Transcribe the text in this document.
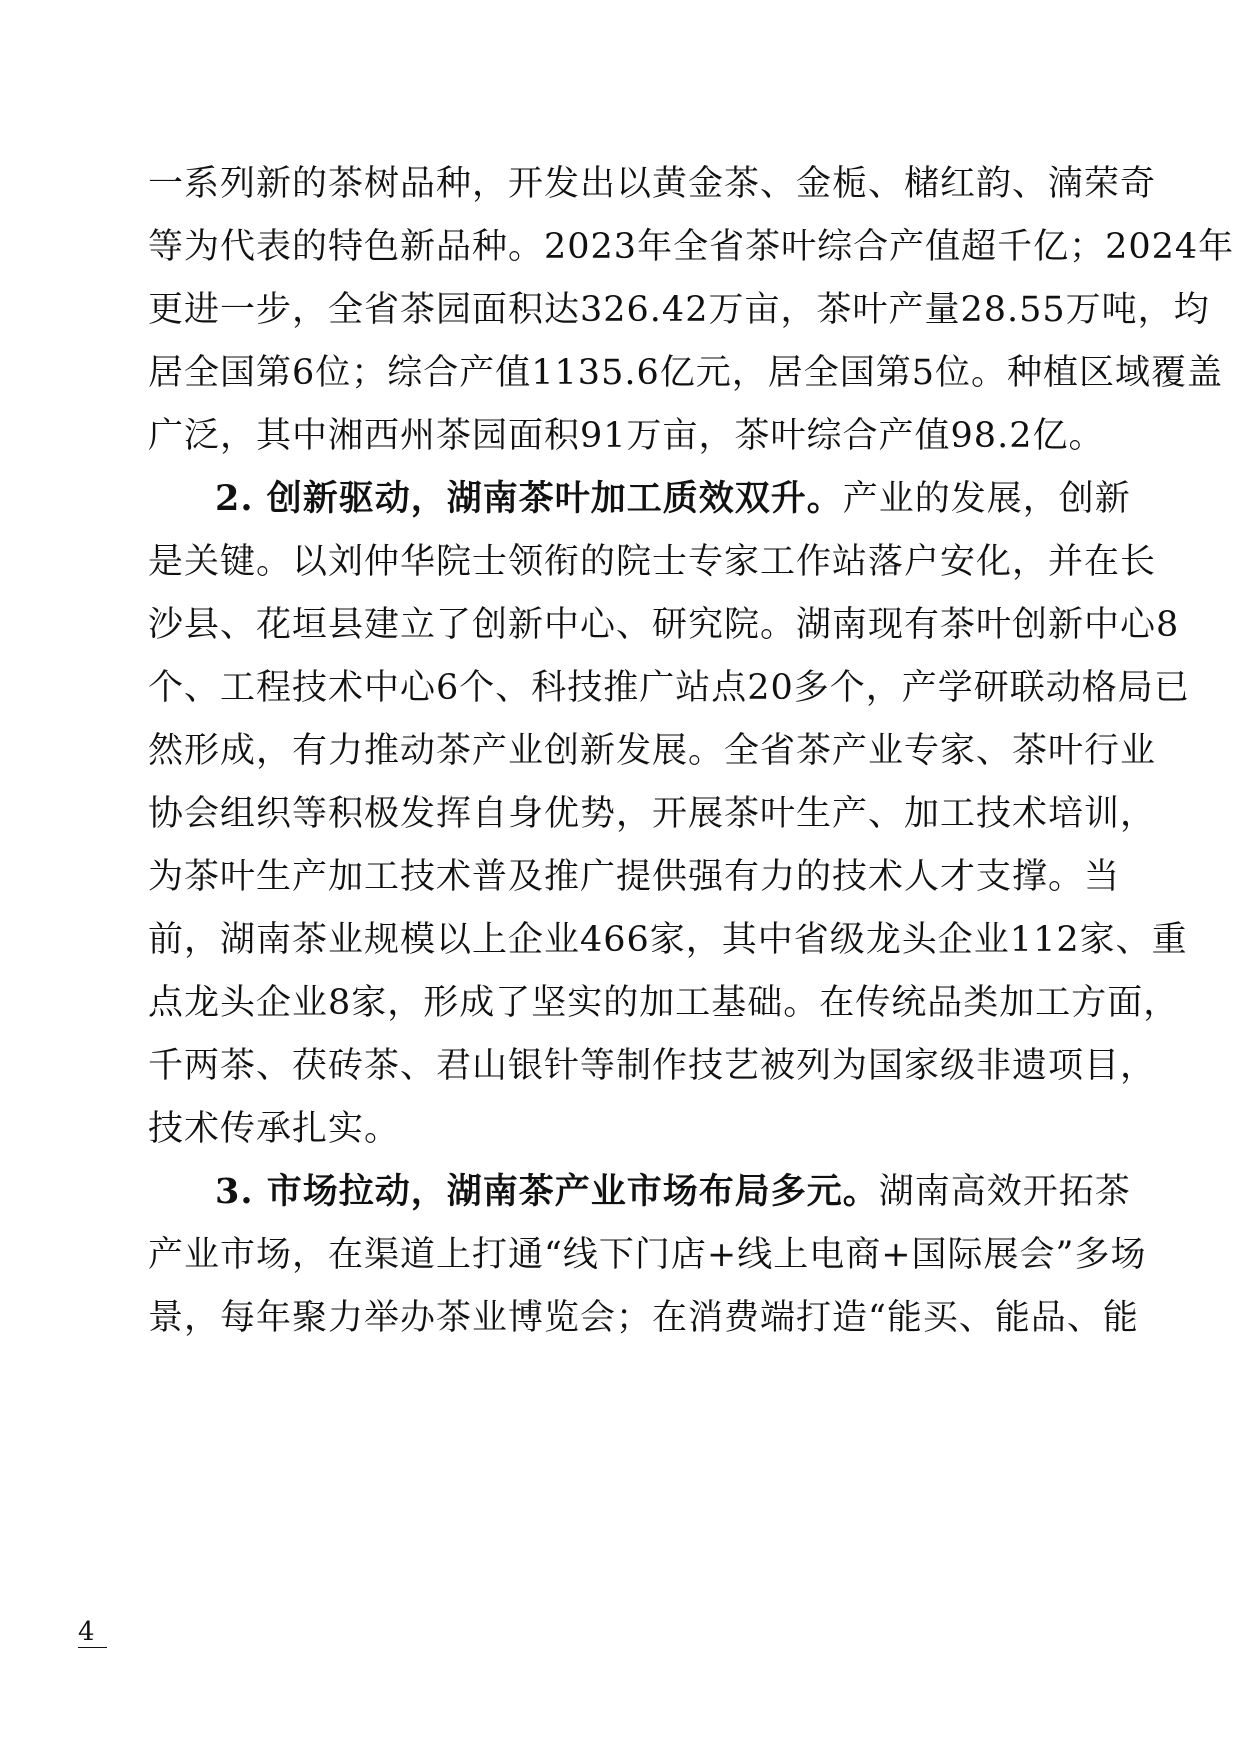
一系列新的茶树品种，开发出以黄金茶、金栀、槠红韵、湳荣奇
等为代表的特色新品种。2023年全省茶叶综合产值超千亿；2024年
更进一步，全省茶园面积达326.42万亩，茶叶产量28.55万吨，均
居全国第6位；综合产值1135.6亿元，居全国第5位。种植区域覆盖
广泛，其中湘西州茶园面积91万亩，茶叶综合产值98.2亿。
2. 创新驱动，湖南茶叶加工质效双升。产业的发展，创新
是关键。以刘仲华院士领衔的院士专家工作站落户安化，并在长
沙县、花垣县建立了创新中心、研究院。湖南现有茶叶创新中心8
个、工程技术中心6个、科技推广站点20多个，产学研联动格局已
然形成，有力推动茶产业创新发展。全省茶产业专家、茶叶行业
协会组织等积极发挥自身优势，开展茶叶生产、加工技术培训，
为茶叶生产加工技术普及推广提供强有力的技术人才支撑。当
前，湖南茶业规模以上企业466家，其中省级龙头企业112家、重
点龙头企业8家，形成了坚实的加工基础。在传统品类加工方面，
千两茶、茯砖茶、君山银针等制作技艺被列为国家级非遗项目，
技术传承扎实。
3. 市场拉动，湖南茶产业市场布局多元。湖南高效开拓茶
产业市场，在渠道上打通“线下门店+线上电商+国际展会”多场
景，每年聚力举办茶业博览会；在消费端打造“能买、能品、能
4
